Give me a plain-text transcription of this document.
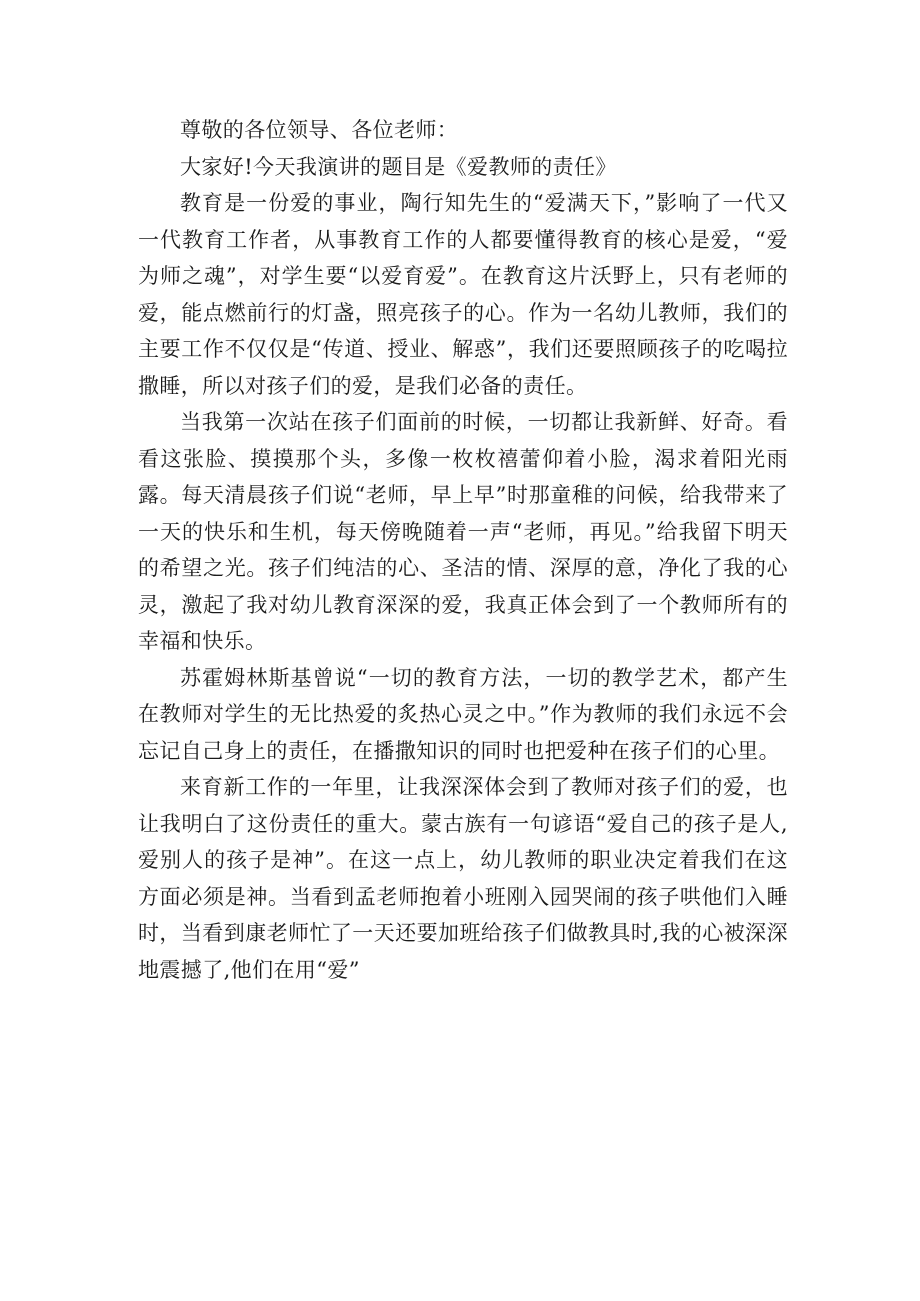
尊敬的各位领导、各位老师：

大家好!今天我演讲的题目是《爱教师的责任》

教育是一份爱的事业，陶行知先生的“爱满天下，”影响了一代又一代教育工作者，从事教育工作的人都要懂得教育的核心是爱，“爱为师之魂”，对学生要“以爱育爱”。在教育这片沃野上，只有老师的爱，能点燃前行的灯盏，照亮孩子的心。作为一名幼儿教师，我们的主要工作不仅仅是“传道、授业、解惑”，我们还要照顾孩子的吃喝拉撒睡，所以对孩子们的爱，是我们必备的责任。

当我第一次站在孩子们面前的时候，一切都让我新鲜、好奇。看看这张脸、摸摸那个头，多像一枚枚禧蕾仰着小脸，渴求着阳光雨露。每天清晨孩子们说“老师，早上早”时那童稚的问候，给我带来了一天的快乐和生机，每天傍晚随着一声“老师，再见。”给我留下明天的希望之光。孩子们纯洁的心、圣洁的情、深厚的意，净化了我的心灵，激起了我对幼儿教育深深的爱，我真正体会到了一个教师所有的幸福和快乐。

苏霍姆林斯基曾说“一切的教育方法，一切的教学艺术，都产生在教师对学生的无比热爱的炙热心灵之中。”作为教师的我们永远不会忘记自己身上的责任，在播撒知识的同时也把爱种在孩子们的心里。

来育新工作的一年里，让我深深体会到了教师对孩子们的爱，也让我明白了这份责任的重大。蒙古族有一句谚语“爱自己的孩子是人,爱别人的孩子是神”。在这一点上，幼儿教师的职业决定着我们在这方面必须是神。当看到孟老师抱着小班刚入园哭闹的孩子哄他们入睡时，当看到康老师忙了一天还要加班给孩子们做教具时,我的心被深深地震撼了,他们在用“爱”
